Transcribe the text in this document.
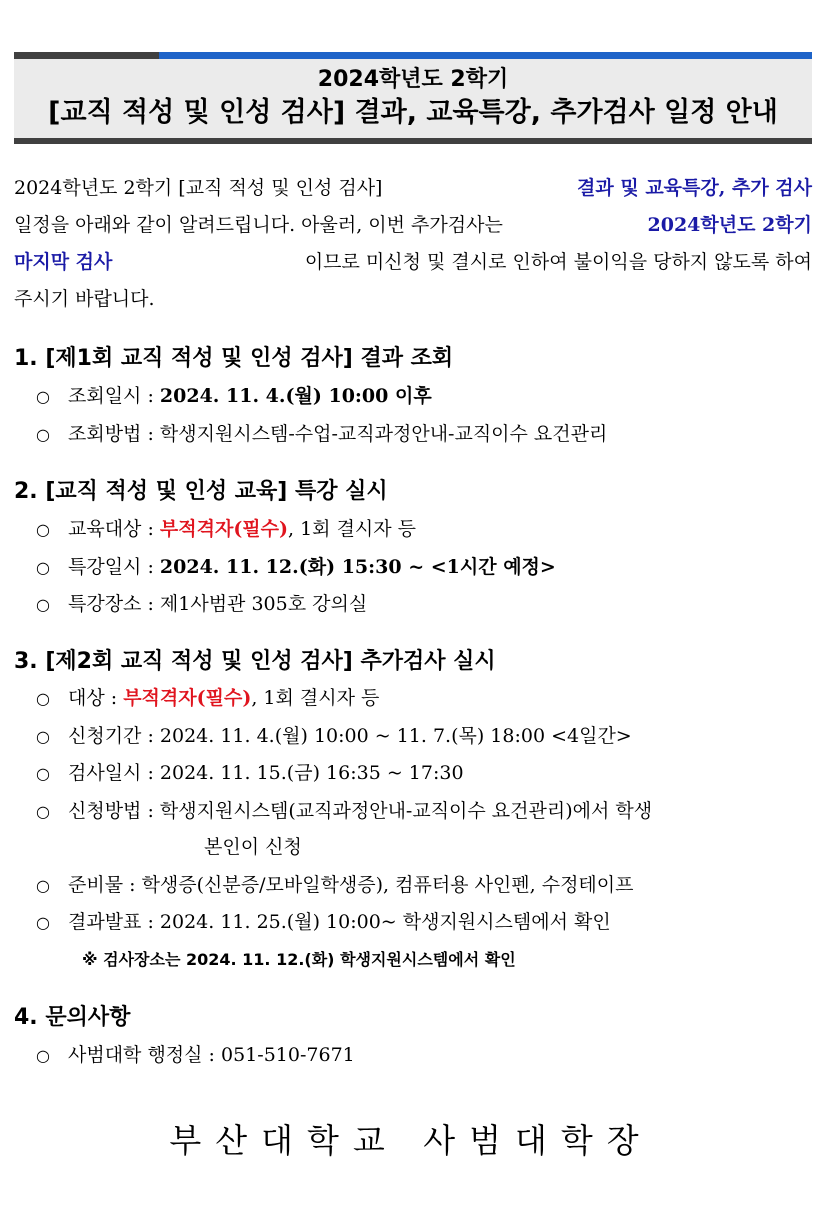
2024학년도 2학기
[교직 적성 및 인성 검사] 결과, 교육특강, 추가검사 일정 안내
2024학년도 2학기 [교직 적성 및 인성 검사]	결과 및 교육특강, 추가 검사
일정을 아래와 같이 알려드립니다. 아울러, 이번 추가검사는	2024학년도 2학기
마지막 검사	이므로 미신청 및 결시로 인하여 불이익을 당하지 않도록 하여
주시기 바랍니다.
1. [제1회 교직 적성 및 인성 검사] 결과 조회
○ 조회일시 :
2024. 11. 4.(월) 10:00 이후
○ 조회방법 :
학생지원시스템-수업-교직과정안내-교직이수 요건관리
2. [교직 적성 및 인성 교육] 특강 실시
○ 교육대상 :
부적격자(필수) , 1회 결시자 등
○ 특강일시 :
2024. 11. 12.(화) 15:30 ~ <1시간 예정>
○ 특강장소 :
제1사범관 305호 강의실
3. [제2회 교직 적성 및 인성 검사] 추가검사 실시
○ 대상 :
부적격자(필수) , 1회 결시자 등
○ 신청기간 :
2024. 11. 4.(월) 10:00 ~ 11. 7.(목) 18:00 <4일간>
○ 검사일시 :
2024. 11. 15.(금) 16:35 ~ 17:30
○ 신청방법 :
학생지원시스템(교직과정안내-교직이수 요건관리)에서 학생
본인이 신청
○ 준비물 :
학생증(신분증/모바일학생증), 컴퓨터용 사인펜, 수정테이프
○ 결과발표 :
2024. 11. 25.(월) 10:00~ 학생지원시스템에서 확인
※ 검사장소는 2024. 11. 12.(화) 학생지원시스템에서 확인
4. 문의사항
○ 사범대학 행정실 :
051-510-7671
부산대학교 사범대학장
